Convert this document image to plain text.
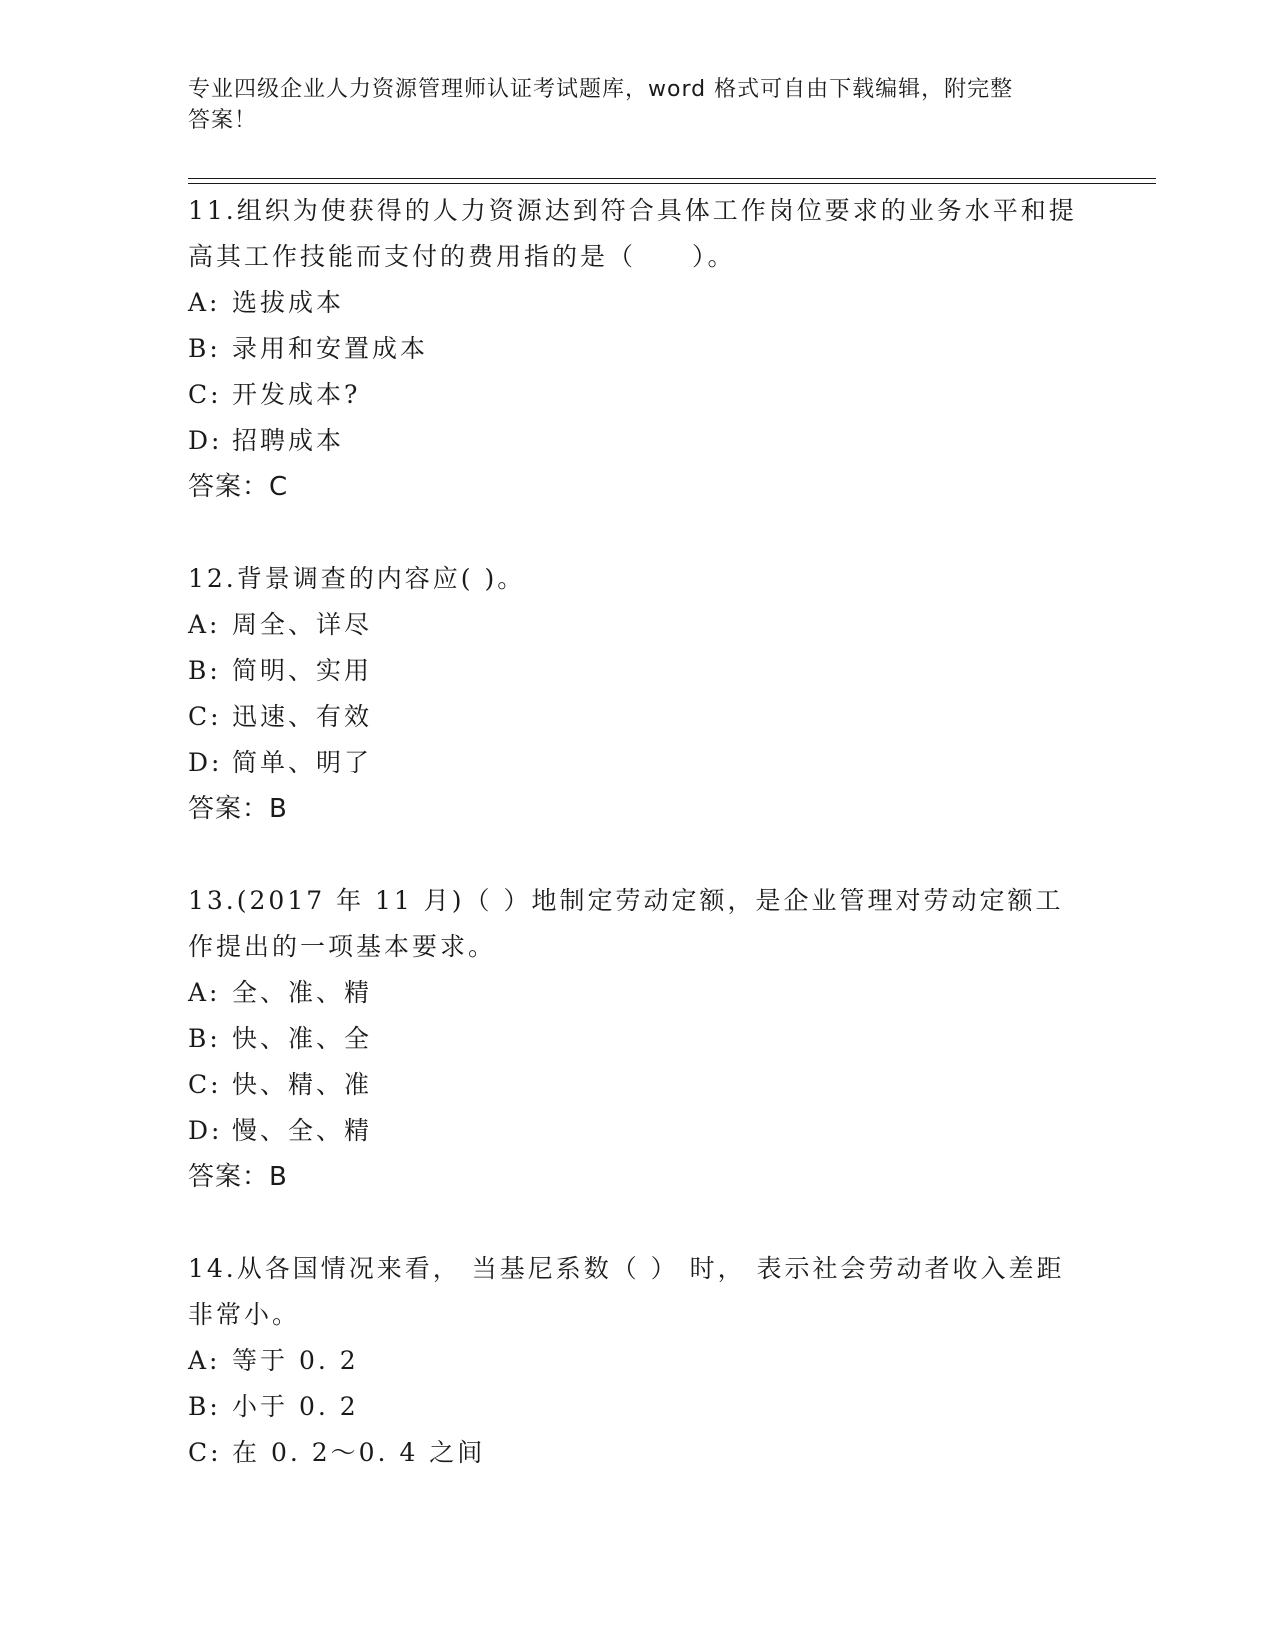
专业四级企业人力资源管理师认证考试题库，word 格式可自由下载编辑，附完整
答案！

11.组织为使获得的人力资源达到符合具体工作岗位要求的业务水平和提高其工作技能而支付的费用指的是（　　）。

A: 选拔成本
B: 录用和安置成本
C: 开发成本?
D: 招聘成本
答案：C

12.背景调查的内容应( )。

A: 周全、详尽
B: 简明、实用
C: 迅速、有效
D: 简单、明了
答案：B

13.(2017 年 11 月)（ ）地制定劳动定额，是企业管理对劳动定额工作提出的一项基本要求。

A: 全、准、精
B: 快、准、全
C: 快、精、准
D: 慢、全、精
答案：B

14.从各国情况来看， 当基尼系数（ ） 时， 表示社会劳动者收入差距非常小。

A: 等于 0. 2
B: 小于 0. 2
C: 在 0. 2～0. 4 之间
